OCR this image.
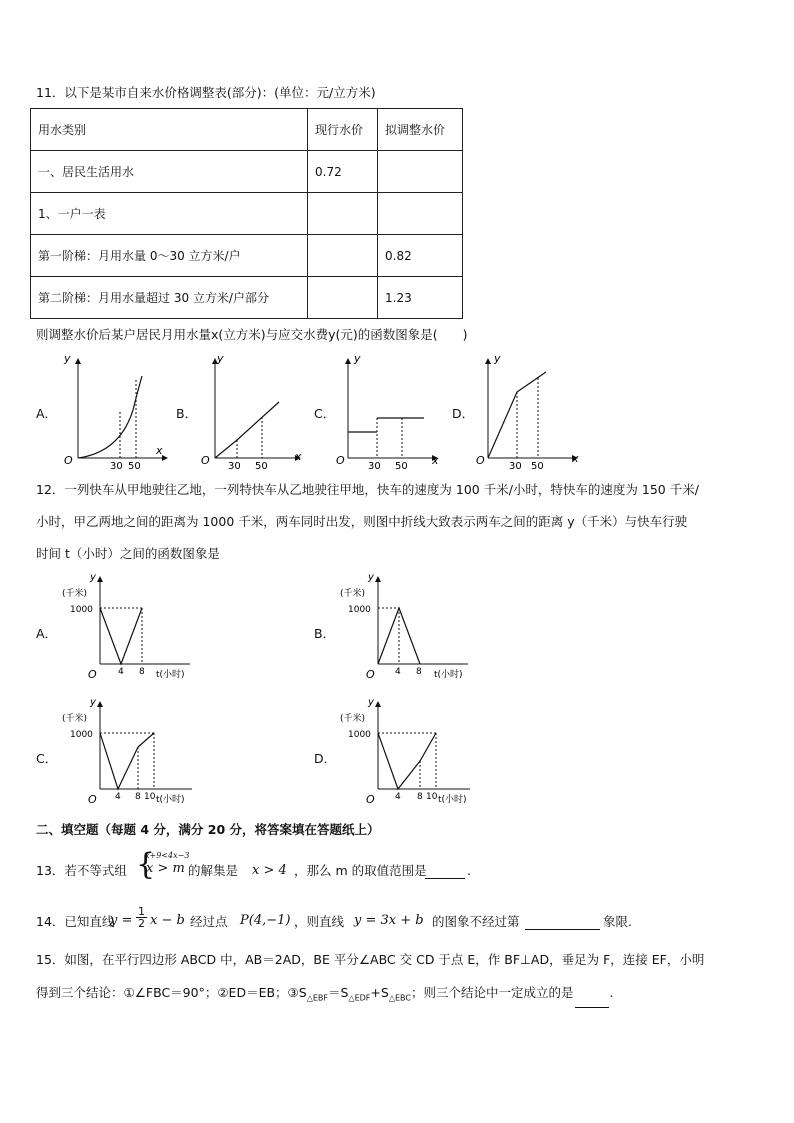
11．以下是某市自来水价格调整表(部分)：(单位：元/立方米)
用水类别	现行水价	拟调整水价
一、居民生活用水	0.72	
1、一户一表		
第一阶梯：月用水量 0～30 立方米/户		0.82
第二阶梯：月用水量超过 30 立方米/户部分		1.23
则调整水价后某户居民月用水量x(立方米)与应交水费y(元)的函数图象是(　　)
A．	B．	C．	D．
y
O
x
30 50
y
O	x
30 50
y
O	x
30 50
y
O	x
30 50
12．一列快车从甲地驶往乙地，一列特快车从乙地驶往甲地，快车的速度为 100 千米/小时，特快车的速度为 150 千米/
小时，甲乙两地之间的距离为 1000 千米，两车同时出发，则图中折线大致表示两车之间的距离 y（千米）与快车行驶
时间 t（小时）之间的函数图象是
A．	B．
C．	D．
y
(千米)
1000
O 4 8 t(小时)
y
(千米)
1000
O 4 8 t(小时)
y
(千米)
1000
O 4 8 10 t(小时)
y
(千米)
1000
O 4 8 10 t(小时)
二、填空题（每题 4 分，满分 20 分，将答案填在答题纸上）
13．若不等式组 {
x+9<4x−3
x > m 的解集是 x > 4 ，那么 m 的取值范围是	.
14．已知直线
$y = \frac{1}{2}$ x − b 经过点 P(4,−1) ，则直线 y = 3x + b 的图象不经过第	象限.
15．如图，在平行四边形 ABCD 中，AB＝2AD，BE 平分∠ABC 交 CD 于点 E，作 BF⊥AD，垂足为 F，连接 EF，小明
得到三个结论：①∠FBC＝90°；②ED＝EB；$③S_{\triangle EBF}=S_{\triangle EDF}+S_{\triangle EBC}$；则三个结论中一定成立的是	.
